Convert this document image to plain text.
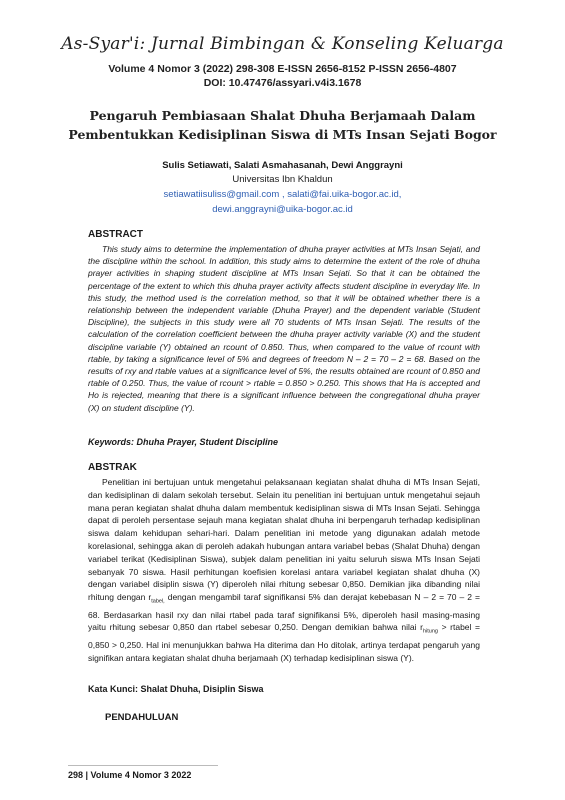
As-Syar'i: Jurnal Bimbingan & Konseling Keluarga
Volume 4 Nomor 3 (2022) 298-308 E-ISSN 2656-8152 P-ISSN 2656-4807
DOI: 10.47476/assyari.v4i3.1678
Pengaruh Pembiasaan Shalat Dhuha Berjamaah Dalam Pembentukkan Kedisiplinan Siswa di MTs Insan Sejati Bogor
Sulis Setiawati, Salati Asmahasanah, Dewi Anggrayni
Universitas Ibn Khaldun
setiawatiisuliss@gmail.com , salati@fai.uika-bogor.ac.id,
dewi.anggrayni@uika-bogor.ac.id
ABSTRACT

This study aims to determine the implementation of dhuha prayer activities at MTs Insan Sejati, and the discipline within the school. In addition, this study aims to determine the extent of the role of dhuha prayer activities in shaping student discipline at MTs Insan Sejati. So that it can be obtained the percentage of the extent to which this dhuha prayer activity affects student discipline in everyday life. In this study, the method used is the correlation method, so that it will be obtained whether there is a relationship between the independent variable (Dhuha Prayer) and the dependent variable (Student Discipline), the subjects in this study were all 70 students of MTs Insan Sejati. The results of the calculation of the correlation coefficient between the dhuha prayer activity variable (X) and the student discipline variable (Y) obtained an rcount of 0.850. Thus, when compared to the value of rcount with rtable, by taking a significance level of 5% and degrees of freedom N – 2 = 70 – 2 = 68. Based on the results of rxy and rtable values at a significance level of 5%, the results obtained are rcount of 0.850 and rtable of 0.250. Thus, the value of rcount > rtable = 0.850 > 0.250. This shows that Ha is accepted and Ho is rejected, meaning that there is a significant influence between the congregational dhuha prayer (X) on student discipline (Y).

Keywords: Dhuha Prayer, Student Discipline
ABSTRAK

Penelitian ini bertujuan untuk mengetahui pelaksanaan kegiatan shalat dhuha di MTs Insan Sejati, dan kedisiplinan di dalam sekolah tersebut. Selain itu penelitian ini bertujuan untuk mengetahui sejauh mana peran kegiatan shalat dhuha dalam membentuk kedisiplinan siswa di MTs Insan Sejati. Sehingga dapat di peroleh persentase sejauh mana kegiatan shalat dhuha ini berpengaruh terhadap kedisiplinan siswa dalam kehidupan sehari-hari. Dalam penelitian ini metode yang digunakan adalah metode korelasional, sehingga akan di peroleh adakah hubungan antara variabel bebas (Shalat Dhuha) dengan variabel terikat (Kedisiplinan Siswa), subjek dalam penelitian ini yaitu seluruh siswa MTs Insan Sejati sebanyak 70 siswa. Hasil perhitungan koefisien korelasi antara variabel kegiatan shalat dhuha (X) dengan variabel disiplin siswa (Y) diperoleh nilai rhitung sebesar 0,850. Demikian jika dibanding nilai rhitung dengan $r_{tabel,}$ dengan mengambil taraf signifikansi 5% dan derajat kebebasan N – 2 = 70 – 2 = 68. Berdasarkan hasil rxy dan nilai rtabel pada taraf signifikansi 5%, diperoleh hasil masing-masing yaitu rhitung sebesar 0,850 dan rtabel sebesar 0,250. Dengan demikian bahwa nilai $r_{hitung}$ > rtabel = 0,850 > 0,250. Hal ini menunjukkan bahwa Ha diterima dan Ho ditolak, artinya terdapat pengaruh yang signifikan antara kegiatan shalat dhuha berjamaah (X) terhadap kedisiplinan siswa (Y).

Kata Kunci: Shalat Dhuha, Disiplin Siswa
PENDAHULUAN
298 | Volume 4 Nomor 3 2022
